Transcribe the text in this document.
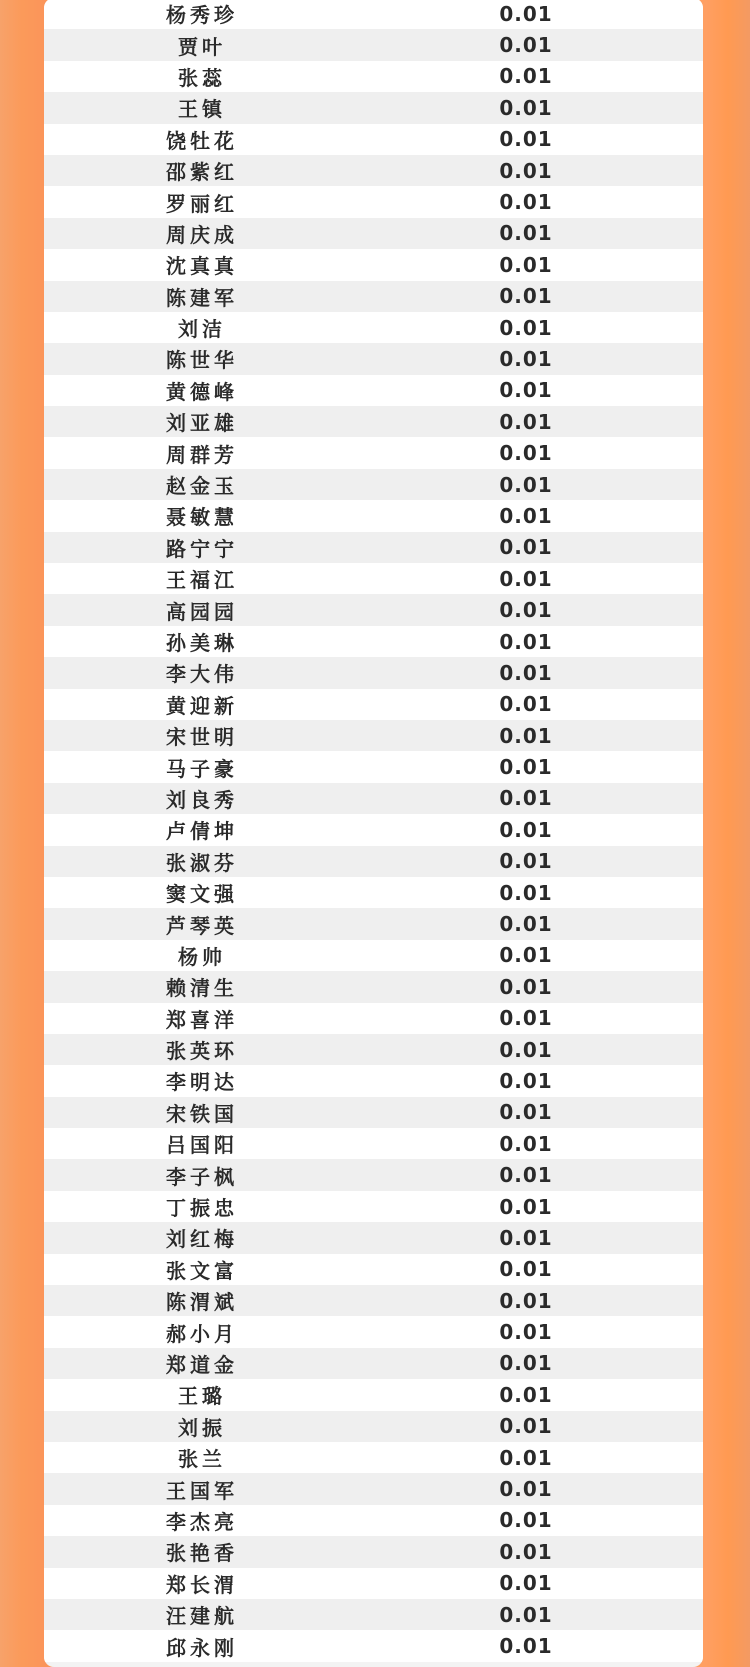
杨秀珍	0.01
贾叶	0.01
张蕊	0.01
王镇	0.01
饶牡花	0.01
邵紫红	0.01
罗丽红	0.01
周庆成	0.01
沈真真	0.01
陈建军	0.01
刘洁	0.01
陈世华	0.01
黄德峰	0.01
刘亚雄	0.01
周群芳	0.01
赵金玉	0.01
聂敏慧	0.01
路宁宁	0.01
王福江	0.01
高园园	0.01
孙美琳	0.01
李大伟	0.01
黄迎新	0.01
宋世明	0.01
马子豪	0.01
刘良秀	0.01
卢倩坤	0.01
张淑芬	0.01
窦文强	0.01
芦琴英	0.01
杨帅	0.01
赖清生	0.01
郑喜洋	0.01
张英环	0.01
李明达	0.01
宋铁国	0.01
吕国阳	0.01
李子枫	0.01
丁振忠	0.01
刘红梅	0.01
张文富	0.01
陈渭斌	0.01
郝小月	0.01
郑道金	0.01
王璐	0.01
刘振	0.01
张兰	0.01
王国军	0.01
李杰亮	0.01
张艳香	0.01
郑长渭	0.01
汪建航	0.01
邱永刚	0.01
